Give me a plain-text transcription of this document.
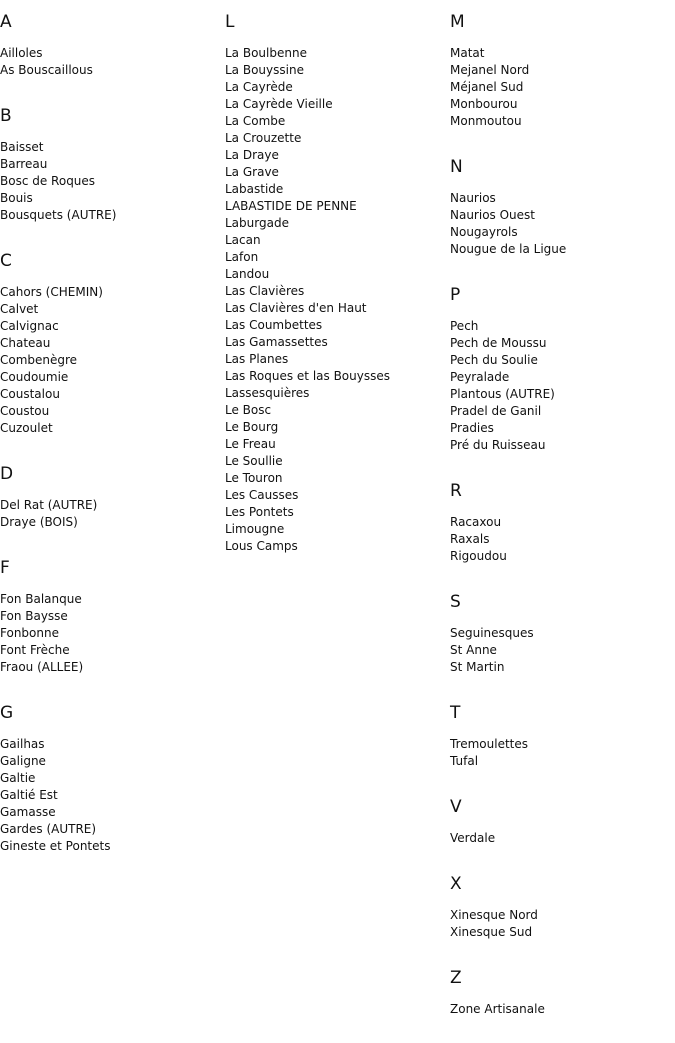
A
Ailloles
As Bouscaillous
B
Baisset
Barreau
Bosc de Roques
Bouis
Bousquets (AUTRE)
C
Cahors (CHEMIN)
Calvet
Calvignac
Chateau
Combenègre
Coudoumie
Coustalou
Coustou
Cuzoulet
D
Del Rat (AUTRE)
Draye (BOIS)
F
Fon Balanque
Fon Baysse
Fonbonne
Font Frèche
Fraou (ALLEE)
G
Gailhas
Galigne
Galtie
Galtié Est
Gamasse
Gardes (AUTRE)
Gineste et Pontets
L
La Boulbenne
La Bouyssine
La Cayrède
La Cayrède Vieille
La Combe
La Crouzette
La Draye
La Grave
Labastide
LABASTIDE DE PENNE
Laburgade
Lacan
Lafon
Landou
Las Clavières
Las Clavières d'en Haut
Las Coumbettes
Las Gamassettes
Las Planes
Las Roques et las Bouysses
Lassesquières
Le Bosc
Le Bourg
Le Freau
Le Soullie
Le Touron
Les Causses
Les Pontets
Limougne
Lous Camps
M
Matat
Mejanel Nord
Méjanel Sud
Monbourou
Monmoutou
N
Naurios
Naurios Ouest
Nougayrols
Nougue de la Ligue
P
Pech
Pech de Moussu
Pech du Soulie
Peyralade
Plantous (AUTRE)
Pradel de Ganil
Pradies
Pré du Ruisseau
R
Racaxou
Raxals
Rigoudou
S
Seguinesques
St Anne
St Martin
T
Tremoulettes
Tufal
V
Verdale
X
Xinesque Nord
Xinesque Sud
Z
Zone Artisanale
